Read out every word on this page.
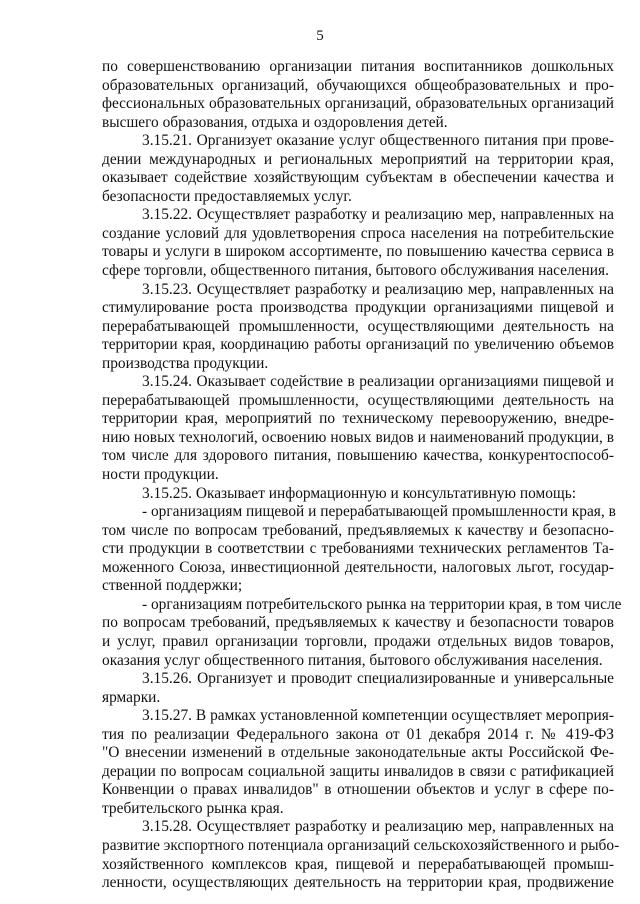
5
по совершенствованию организации питания воспитанников дошкольных
образовательных организаций, обучающихся общеобразовательных и про-
фессиональных образовательных организаций, образовательных организаций
высшего образования, отдыха и оздоровления детей.
3.15.21. Организует оказание услуг общественного питания при прове-
дении международных и региональных мероприятий на территории края,
оказывает содействие хозяйствующим субъектам в обеспечении качества и
безопасности предоставляемых услуг.
3.15.22. Осуществляет разработку и реализацию мер, направленных на
создание условий для удовлетворения спроса населения на потребительские
товары и услуги в широком ассортименте, по повышению качества сервиса в
сфере торговли, общественного питания, бытового обслуживания населения.
3.15.23. Осуществляет разработку и реализацию мер, направленных на
стимулирование роста производства продукции организациями пищевой и
перерабатывающей промышленности, осуществляющими деятельность на
территории края, координацию работы организаций по увеличению объемов
производства продукции.
3.15.24. Оказывает содействие в реализации организациями пищевой и
перерабатывающей промышленности, осуществляющими деятельность на
территории края, мероприятий по техническому перевооружению, внедре-
нию новых технологий, освоению новых видов и наименований продукции, в
том числе для здорового питания, повышению качества, конкурентоспособ-
ности продукции.
3.15.25. Оказывает информационную и консультативную помощь:
- организациям пищевой и перерабатывающей промышленности края, в
том числе по вопросам требований, предъявляемых к качеству и безопасно-
сти продукции в соответствии с требованиями технических регламентов Та-
моженного Союза, инвестиционной деятельности, налоговых льгот, государ-
ственной поддержки;
- организациям потребительского рынка на территории края, в том числе
по вопросам требований, предъявляемых к качеству и безопасности товаров
и услуг, правил организации торговли, продажи отдельных видов товаров,
оказания услуг общественного питания, бытового обслуживания населения.
3.15.26. Организует и проводит специализированные и универсальные
ярмарки.
3.15.27. В рамках установленной компетенции осуществляет мероприя-
тия по реализации Федерального закона от 01 декабря 2014 г. № 419-ФЗ
"О внесении изменений в отдельные законодательные акты Российской Фе-
дерации по вопросам социальной защиты инвалидов в связи с ратификацией
Конвенции о правах инвалидов" в отношении объектов и услуг в сфере по-
требительского рынка края.
3.15.28. Осуществляет разработку и реализацию мер, направленных на
развитие экспортного потенциала организаций сельскохозяйственного и рыбо-
хозяйственного комплексов края, пищевой и перерабатывающей промыш-
ленности, осуществляющих деятельность на территории края, продвижение
